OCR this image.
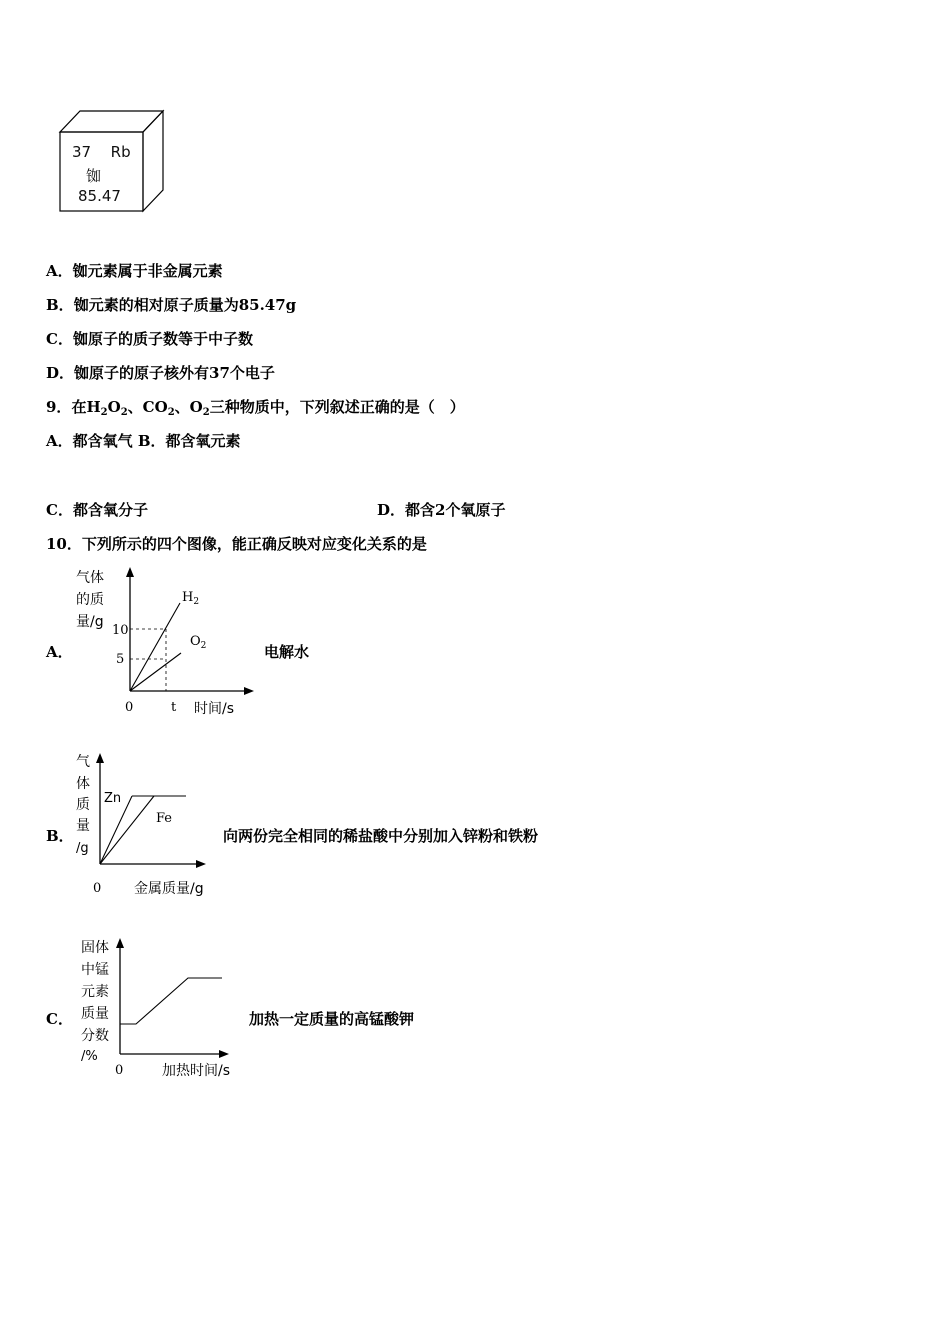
37 Rb
铷
85.47
A．铷元素属于非金属元素
B．铷元素的相对原子质量为85.47g
C．铷原子的质子数等于中子数
D．铷原子的原子核外有37个电子
9．在$H_2O_2$、$CO_2$、$O_2$三种物质中，下列叙述正确的是（　）
A．都含氧气 B．都含氧元素
C．都含氧分子	D．都含2个氧原子
10．下列所示的四个图像，能正确反映对应变化关系的是
A．	电解水
气体
的质
量/g
10
5
0	t 时间/s
$H_2$
$O_2$
B．	向两份完全相同的稀盐酸中分别加入锌粉和铁粉
气
体
质
量
/g
0 金属质量/g
Zn
Fe
C．	加热一定质量的高锰酸钾
固体
中锰
元素
质量
分数
/%
0	加热时间/s
